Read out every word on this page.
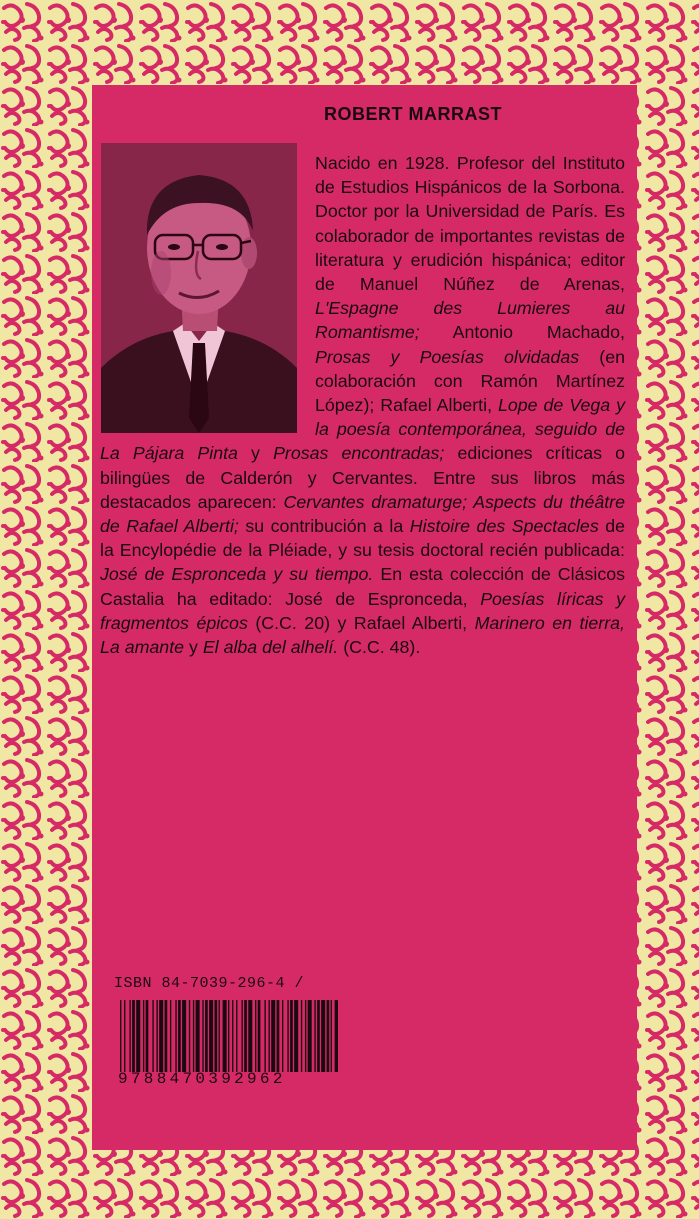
ROBERT MARRAST

Nacido en 1928. Profesor del Instituto de Estudios Hispánicos de la Sorbona. Doctor por la Universidad de París. Es colaborador de importantes revistas de literatura y erudición hispánica; editor de Manuel Núñez de Arenas, L'Espagne des Lumieres au Romantisme; Antonio Machado, Prosas y Poesías olvidadas (en colaboración con Ramón Martínez López); Rafael Alberti, Lope de Vega y la poesía contemporánea, seguido de La Pájara Pinta y Prosas encontradas; ediciones críticas o bilingües de Calderón y Cervantes. Entre sus libros más destacados aparecen: Cervantes dramaturge; Aspects du théâtre de Rafael Alberti; su contribución a la Histoire des Spectacles de la Encylopédie de la Pléiade, y su tesis doctoral recién publicada: José de Espronceda y su tiempo. En esta colección de Clásicos Castalia ha editado: José de Espronceda, Poesías líricas y fragmentos épicos (C.C. 20) y Rafael Alberti, Marinero en tierra, La amante y El alba del alhelí. (C.C. 48).

ISBN 84-7039-296-4 /
9788470392962
